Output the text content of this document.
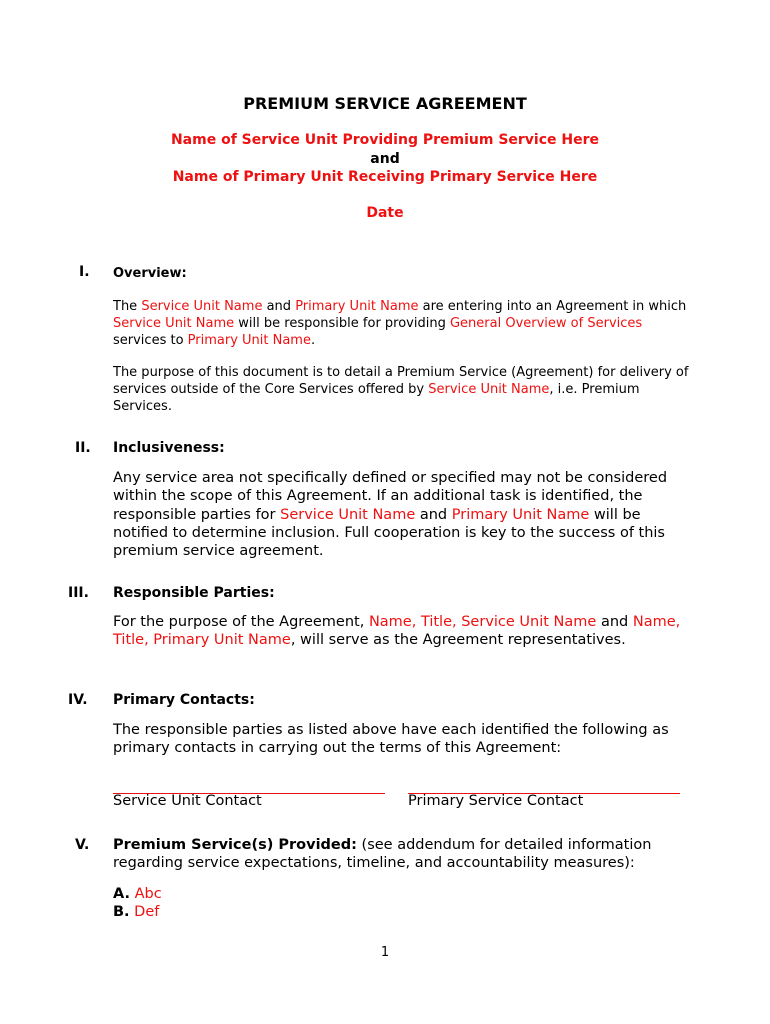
PREMIUM SERVICE AGREEMENT
Name of Service Unit Providing Premium Service Here
and
Name of Primary Unit Receiving Primary Service Here
Date
I.	Overview:
The Service Unit Name and Primary Unit Name are entering into an Agreement in which Service Unit Name will be responsible for providing General Overview of Services services to Primary Unit Name.
The purpose of this document is to detail a Premium Service (Agreement) for delivery of services outside of the Core Services offered by Service Unit Name, i.e. Premium Services.
II.	Inclusiveness:
Any service area not specifically defined or specified may not be considered within the scope of this Agreement. If an additional task is identified, the responsible parties for Service Unit Name and Primary Unit Name will be notified to determine inclusion. Full cooperation is key to the success of this premium service agreement.
III.	Responsible Parties:
For the purpose of the Agreement, Name, Title, Service Unit Name and Name, Title, Primary Unit Name, will serve as the Agreement representatives.
IV.	Primary Contacts:
The responsible parties as listed above have each identified the following as primary contacts in carrying out the terms of this Agreement:
Service Unit Contact	Primary Service Contact
V.	Premium Service(s) Provided: (see addendum for detailed information regarding service expectations, timeline, and accountability measures):
A. Abc
B. Def
1
